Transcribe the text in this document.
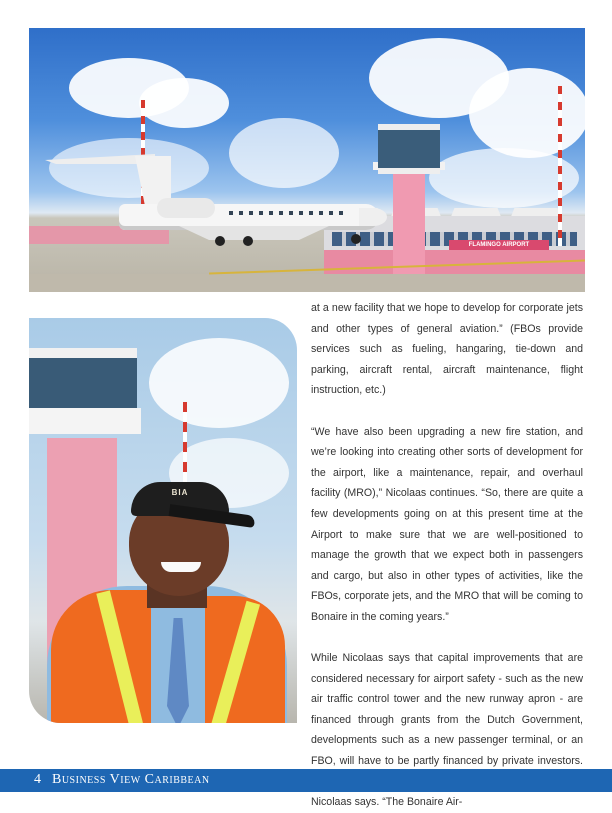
FLAMINGO AIRPORT
BIA

at a new facility that we hope to develop for corporate jets and other types of general aviation.” (FBOs provide services such as fueling, hangaring, tie-down and parking, aircraft rental, aircraft maintenance, flight instruction, etc.)

“We have also been upgrading a new fire station, and we’re looking into creating other sorts of development for the airport, like a maintenance, repair, and overhaul facility (MRO),” Nicolaas continues. “So, there are quite a few developments going on at this present time at the Airport to make sure that we are well-positioned to manage the growth that we expect both in passengers and cargo, but also in other types of activities, like the FBOs, corporate jets, and the MRO that will be coming to Bonaire in the coming years.”

While Nicolaas says that capital improvements that are considered necessary for airport safety - such as the new air traffic control tower and the new runway apron - are financed through grants from the Dutch Government, developments such as a new passenger terminal, or an FBO, will have to be partly financed by private investors. Nicolaas says. “The Bonaire Air-

4 Business View Caribbean
